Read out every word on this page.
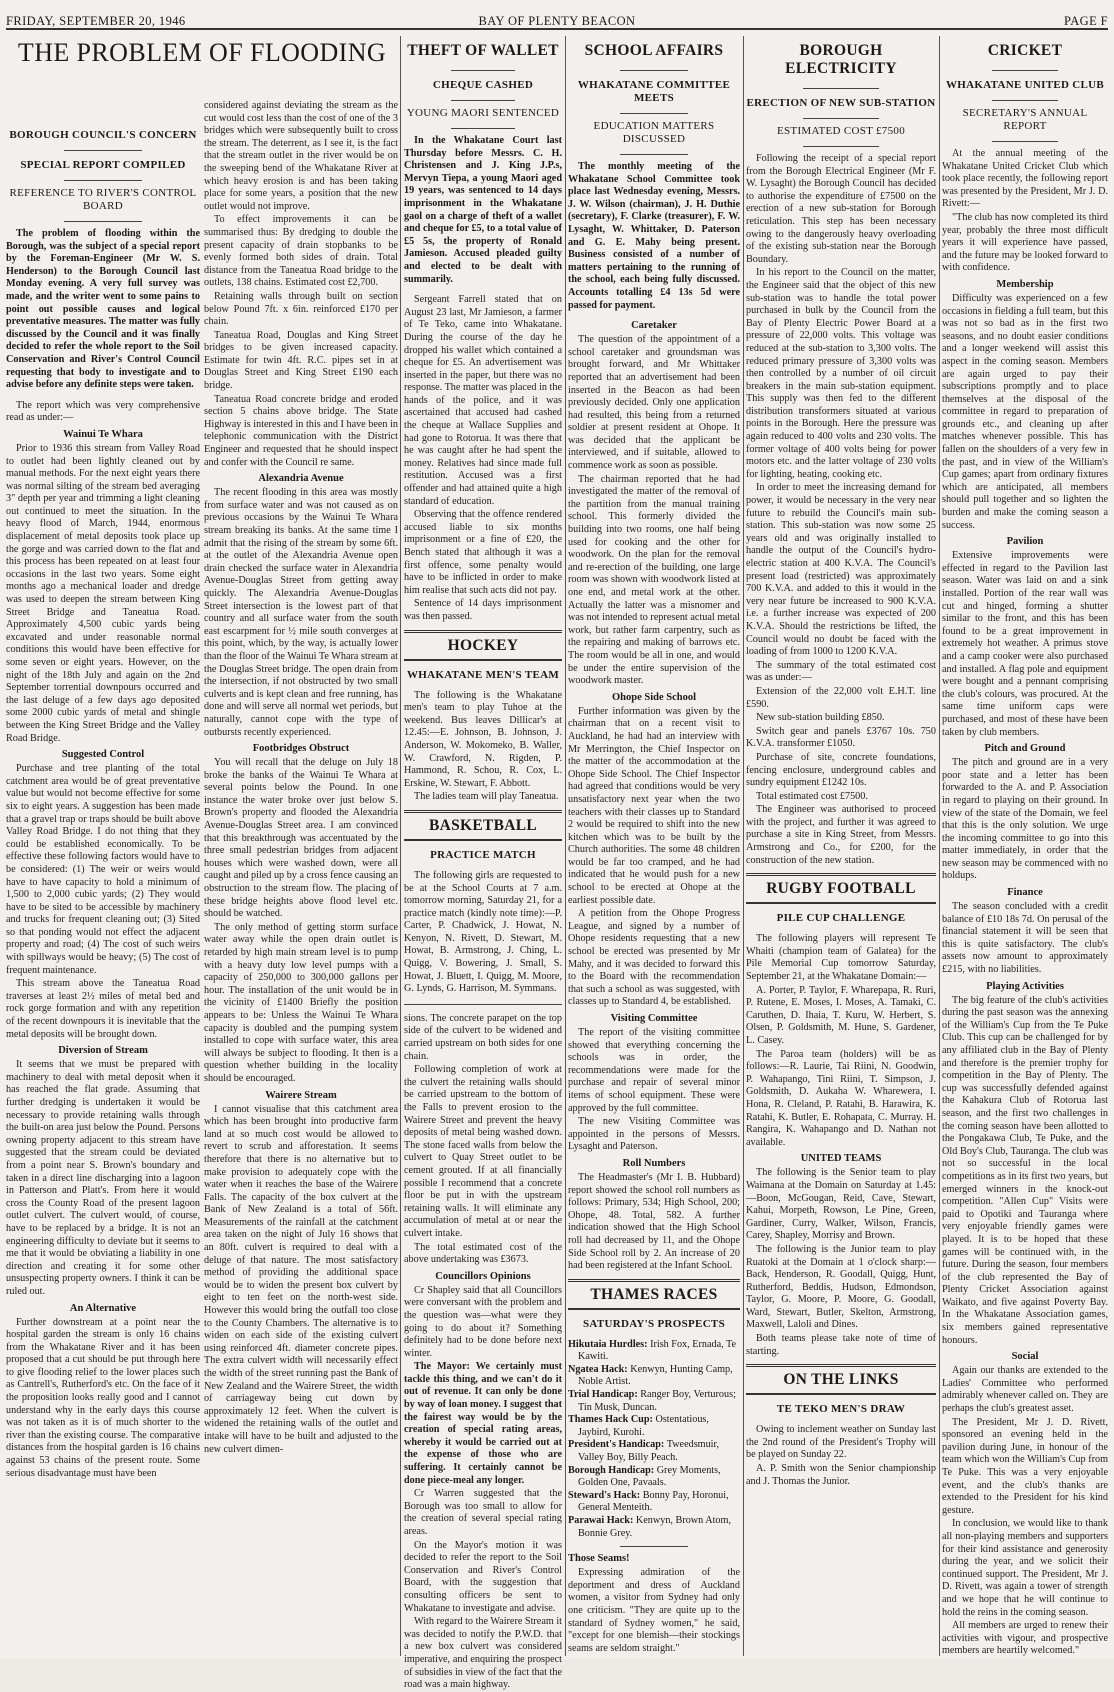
FRIDAY, SEPTEMBER 20, 1946	BAY OF PLENTY BEACON	PAGE F
THE PROBLEM OF FLOODING
BOROUGH COUNCIL'S CONCERN
SPECIAL REPORT COMPILED
REFERENCE TO RIVER'S CONTROL BOARD
The problem of flooding within the Borough, was the subject of a special report by the Foreman-Engineer (Mr W. S. Henderson) to the Borough Council last Monday evening. A very full survey was made, and the writer went to some pains to point out possible causes and logical preventative measures. The matter was fully discussed by the Council and it was finally decided to refer the whole report to the Soil Conservation and River's Control Council requesting that body to investigate and to advise before any definite steps were taken.

The report which was very comprehensive read as under:—

Wainui Te Whara

Prior to 1936 this stream from Valley Road to outlet had been lightly cleaned out by manual methods. For the next eight years there was normal silting of the stream bed averaging 3" depth per year and trimming a light cleaning out continued to meet the situation. In the heavy flood of March, 1944, enormous displacement of metal deposits took place up the gorge and was carried down to the flat and this process has been repeated on at least four occasions in the last two years. Some eight months ago a mechanical loader and dredge was used to deepen the stream between King Street Bridge and Taneatua Road. Approximately 4,500 cubic yards being excavated and under reasonable normal conditions this would have been effective for some seven or eight years. However, on the night of the 18th July and again on the 2nd September torrential downpours occurred and the last deluge of a few days ago deposited some 2000 cubic yards of metal and shingle between the King Street Bridge and the Valley Road Bridge.

Suggested Control

Purchase and tree planting of the total catchment area would be of great preventative value but would not become effective for some six to eight years. A suggestion has been made that a gravel trap or traps should be built above Valley Road Bridge. I do not thing that they could be established economically. To be effective these following factors would have to be considered: (1) The weir or weirs would have to have capacity to hold a minimum of 1,500 to 2,000 cubic yards; (2) They would have to be sited to be accessible by machinery and trucks for frequent cleaning out; (3) Sited so that ponding would not effect the adjacent property and road; (4) The cost of such weirs with spillways would be heavy; (5) The cost of frequent maintenance.

This stream above the Taneatua Road traverses at least 2½ miles of metal bed and rock gorge formation and with any repetition of the recent downpours it is inevitable that the metal deposits will be brought down.

Diversion of Stream

It seems that we must be prepared with machinery to deal with metal deposit when it has reached the flat grade. Assuming that further dredging is undertaken it would be necessary to provide retaining walls through the built-on area just below the Pound. Persons owning property adjacent to this stream have suggested that the stream could be deviated from a point near S. Brown's boundary and taken in a direct line discharging into a lagoon in Patterson and Platt's. From here it would cross the County Road of the present lagoon outlet culvert. The culvert would, of course, have to be replaced by a bridge. It is not an engineering difficulty to deviate but it seems to me that it would be obviating a liability in one direction and creating it for some other unsuspecting property owners. I think it can be ruled out.

An Alternative

Further downstream at a point near the hospital garden the stream is only 16 chains from the Whakatane River and it has been proposed that a cut should be put through here to give flooding relief to the lower places such as Cantrell's, Rutherford's etc. On the face of it the proposition looks really good and I cannot understand why in the early days this course was not taken as it is of much shorter to the river than the existing course. The comparative distances from the hospital garden is 16 chains against 53 chains of the present route. Some serious disadvantage must have been

considered against deviating the stream as the cut would cost less than the cost of one of the 3 bridges which were subsequently built to cross the stream. The deterrent, as I see it, is the fact that the stream outlet in the river would be on the sweeping bend of the Whakatane River at which heavy erosion is and has been taking place for some years, a position that the new outlet would not improve.

To effect improvements it can be summarised thus: By dredging to double the present capacity of drain stopbanks to be evenly formed both sides of drain. Total distance from the Taneatua Road bridge to the outlets, 138 chains. Estimated cost £2,700.

Retaining walls through built on section below Pound 7ft. x 6in. reinforced £170 per chain.

Taneatua Road, Douglas and King Street bridges to be given increased capacity. Estimate for twin 4ft. R.C. pipes set in at Douglas Street and King Street £190 each bridge.

Taneatua Road concrete bridge and eroded section 5 chains above bridge. The State Highway is interested in this and I have been in telephonic communication with the District Engineer and requested that he should inspect and confer with the Council re same.

Alexandria Avenue

The recent flooding in this area was mostly from surface water and was not caused as on previous occasions by the Wainui Te Whara stream breaking its banks. At the same time I admit that the rising of the stream by some 6ft. at the outlet of the Alexandria Avenue open drain checked the surface water in Alexandria Avenue-Douglas Street from getting away quickly. The Alexandria Avenue-Douglas Street intersection is the lowest part of that country and all surface water from the south east escarpment for ½ mile south converges at this point, which, by the way, is actually lower than the floor of the Wainui Te Whara stream at the Douglas Street bridge. The open drain from the intersection, if not obstructed by two small culverts and is kept clean and free running, has done and will serve all normal wet periods, but naturally, cannot cope with the type of outbursts recently experienced.

Footbridges Obstruct

You will recall that the deluge on July 18 broke the banks of the Wainui Te Whara at several points below the Pound. In one instance the water broke over just below S. Brown's property and flooded the Alexandria Avenue-Douglas Street area. I am convinced that this breakthrough was accentuated by the three small pedestrian bridges from adjacent houses which were washed down, were all caught and piled up by a cross fence causing an obstruction to the stream flow. The placing of these bridge heights above flood level etc. should be watched.

The only method of getting storm surface water away while the open drain outlet is retarded by high main stream level is to pump with a heavy duty low level pumps with a capacity of 250,000 to 300,000 gallons per hour. The installation of the unit would be in the vicinity of £1400 Briefly the position appears to be: Unless the Wainui Te Whara capacity is doubled and the pumping system installed to cope with surface water, this area will always be subject to flooding. It then is a question whether building in the locality should be encouraged.

Wairere Stream

I cannot visualise that this catchment area which has been brought into productive farm land at so much cost would be allowed to revert to scrub and afforestation. It seems therefore that there is no alternative but to make provision to adequately cope with the water when it reaches the base of the Wairere Falls. The capacity of the box culvert at the Bank of New Zealand is a total of 56ft. Measurements of the rainfall at the catchment area taken on the night of July 16 shows that an 80ft. culvert is required to deal with a deluge of that nature. The most satisfactory method of providing the additional space would be to widen the present box culvert by eight to ten feet on the north-west side. However this would bring the outfall too close to the County Chambers. The alternative is to widen on each side of the existing culvert using reinforced 4ft. diameter concrete pipes. The extra culvert width will necessarily effect the width of the street running past the Bank of New Zealand and the Wairere Street, the width of carriageway being cut down by approximately 12 feet. When the culvert is widened the retaining walls of the outlet and intake will have to be built and adjusted to the new culvert dimen-

THEFT OF WALLET
CHEQUE CASHED
YOUNG MAORI SENTENCED
In the Whakatane Court last Thursday before Messrs. C. H. Christensen and J. King J.P.s, Mervyn Tiepa, a young Maori aged 19 years, was sentenced to 14 days imprisonment in the Whakatane gaol on a charge of theft of a wallet and cheque for £5, to a total value of £5 5s, the property of Ronald Jamieson. Accused pleaded guilty and elected to be dealt with summarily.

Sergeant Farrell stated that on August 23 last, Mr Jamieson, a farmer of Te Teko, came into Whakatane. During the course of the day he dropped his wallet which contained a cheque for £5. An advertisement was inserted in the paper, but there was no response. The matter was placed in the hands of the police, and it was ascertained that accused had cashed the cheque at Wallace Supplies and had gone to Rotorua. It was there that he was caught after he had spent the money. Relatives had since made full restitution. Accused was a first offender and had attained quite a high standard of education.

Observing that the offence rendered accused liable to six months imprisonment or a fine of £20, the Bench stated that although it was a first offence, some penalty would have to be inflicted in order to make him realise that such acts did not pay.

Sentence of 14 days imprisonment was then passed.

HOCKEY
WHAKATANE MEN'S TEAM

The following is the Whakatane men's team to play Tuhoe at the weekend. Bus leaves Dillicar's at 12.45:—E. Johnson, B. Johnson, J. Anderson, W. Mokomeko, B. Waller, W. Crawford, N. Rigden, P. Hammond, R. Schou, R. Cox, L. Erskine, W. Stewart, F. Abbott.

The ladies team will play Taneatua.

BASKETBALL
PRACTICE MATCH

The following girls are requested to be at the School Courts at 7 a.m. tomorrow morning, Saturday 21, for a practice match (kindly note time):—P. Carter, P. Chadwick, J. Howat, N. Kenyon, N. Rivett, D. Stewart, M. Howat, B. Armstrong, J. Ching, L. Quigg, V. Bowering, J. Small, S. Howat, J. Bluett, I. Quigg, M. Moore, G. Lynds, G. Harrison, M. Symmans.

sions. The concrete parapet on the top side of the culvert to be widened and carried upstream on both sides for one chain.

Following completion of work at the culvert the retaining walls should be carried upstream to the bottom of the Falls to prevent erosion to the Wairere Street and prevent the heavy deposits of metal being washed down. The stone faced walls from below the culvert to Quay Street outlet to be cement grouted. If at all financially possible I recommend that a concrete floor be put in with the upstream retaining walls. It will eliminate any accumulation of metal at or near the culvert intake.

The total estimated cost of the above undertaking was £3673.

Councillors Opinions

Cr Shapley said that all Councillors were conversant with the problem and the question was—what were they going to do about it? Something definitely had to be done before next winter.

The Mayor: We certainly must tackle this thing, and we can't do it out of revenue. It can only be done by way of loan money. I suggest that the fairest way would be by the creation of special rating areas, whereby it would be carried out at the expense of those who are suffering. It certainly cannot be done piece-meal any longer.

Cr Warren suggested that the Borough was too small to allow for the creation of several special rating areas.

On the Mayor's motion it was decided to refer the report to the Soil Conservation and River's Control Board, with the suggestion that consulting officers be sent to Whakatane to investigate and advise.

With regard to the Wairere Stream it was decided to notify the P.W.D. that a new box culvert was considered imperative, and enquiring the prospect of subsidies in view of the fact that the road was a main highway.

SCHOOL AFFAIRS
WHAKATANE COMMITTEE MEETS
EDUCATION MATTERS DISCUSSED
The monthly meeting of the Whakatane School Committee took place last Wednesday evening, Messrs. J. W. Wilson (chairman), J. H. Duthie (secretary), F. Clarke (treasurer), F. W. Lysaght, W. Whittaker, D. Paterson and G. E. Mahy being present. Business consisted of a number of matters pertaining to the running of the school, each being fully discussed. Accounts totalling £4 13s 5d were passed for payment.
Caretaker

The question of the appointment of a school caretaker and groundsman was brought forward, and Mr Whittaker reported that an advertisement had been inserted in the Beacon as had been previously decided. Only one application had resulted, this being from a returned soldier at present resident at Ohope. It was decided that the applicant be interviewed, and if suitable, allowed to commence work as soon as possible.

The chairman reported that he had investigated the matter of the removal of the partition from the manual training school. This formerly divided the building into two rooms, one half being used for cooking and the other for woodwork. On the plan for the removal and re-erection of the building, one large room was shown with woodwork listed at one end, and metal work at the other. Actually the latter was a misnomer and was not intended to represent actual metal work, but rather farm carpentry, such as the repairing and making of barrows etc. The room would be all in one, and would be under the entire supervision of the woodwork master.

Ohope Side School

Further information was given by the chairman that on a recent visit to Auckland, he had had an interview with Mr Merrington, the Chief Inspector on the matter of the accommodation at the Ohope Side School. The Chief Inspector had agreed that conditions would be very unsatisfactory next year when the two teachers with their classes up to Standard 2 would be required to shift into the new kitchen which was to be built by the Church authorities. The some 48 children would be far too cramped, and he had indicated that he would push for a new school to be erected at Ohope at the earliest possible date.

A petition from the Ohope Progress League, and signed by a number of Ohope residents requesting that a new school be erected was presented by Mr Mahy, and it was decided to forward this to the Board with the recommendation that such a school as was suggested, with classes up to Standard 4, be established.

Visiting Committee

The report of the visiting committee showed that everything concerning the schools was in order, the recommendations were made for the purchase and repair of several minor items of school equipment. These were approved by the full committee.

The new Visiting Committee was appointed in the persons of Messrs. Lysaght and Paterson.

Roll Numbers

The Headmaster's (Mr I. B. Hubbard) report showed the school roll numbers as follows: Primary, 534; High School, 200; Ohope, 48. Total, 582. A further indication showed that the High School roll had decreased by 11, and the Ohope Side School roll by 2. An increase of 20 had been registered at the Infant School.

THAMES RACES
SATURDAY'S PROSPECTS
Hikutaia Hurdles: Irish Fox, Ernada, Te Kawiti.
Ngatea Hack: Kenwyn, Hunting Camp, Noble Artist.
Trial Handicap: Ranger Boy, Verturous; Tin Musk, Duncan.
Thames Hack Cup: Ostentatious, Jaybird, Kurohi.
President's Handicap: Tweedsmuir, Valley Boy, Billy Peach.
Borough Handicap: Grey Moments, Golden One, Pavaals.
Steward's Hack: Bonny Pay, Horonui, General Menteith.
Parawai Hack: Kenwyn, Brown Atom, Bonnie Grey.
Those Seams!

Expressing admiration of the deportment and dress of Auckland women, a visitor from Sydney had only one criticism. "They are quite up to the standard of Sydney women," he said, "except for one blemish—their stockings seams are seldom straight."

BOROUGH ELECTRICITY
ERECTION OF NEW SUB-STATION
ESTIMATED COST £7500

Following the receipt of a special report from the Borough Electrical Engineer (Mr F. W. Lysaght) the Borough Council has decided to authorise the expenditure of £7500 on the erection of a new sub-station for Borough reticulation. This step has been necessary owing to the dangerously heavy overloading of the existing sub-station near the Borough Boundary.

In his report to the Council on the matter, the Engineer said that the object of this new sub-station was to handle the total power purchased in bulk by the Council from the Bay of Plenty Electric Power Board at a pressure of 22,000 volts. This voltage was reduced at the sub-station to 3,300 volts. The reduced primary pressure of 3,300 volts was then controlled by a number of oil circuit breakers in the main sub-station equipment. This supply was then fed to the different distribution transformers situated at various points in the Borough. Here the pressure was again reduced to 400 volts and 230 volts. The former voltage of 400 volts being for power motors etc. and the latter voltage of 230 volts for lighting, heating, cooking etc.

In order to meet the increasing demand for power, it would be necessary in the very near future to rebuild the Council's main sub-station. This sub-station was now some 25 years old and was originally installed to handle the output of the Council's hydro-electric station at 400 K.V.A. The Council's present load (restricted) was approximately 700 K.V.A. and added to this it would in the very near future be increased to 900 K.V.A. i.e. a further increase was expected of 200 K.V.A. Should the restrictions be lifted, the Council would no doubt be faced with the loading of from 1000 to 1200 K.V.A.

The summary of the total estimated cost was as under:—

Extension of the 22,000 volt E.H.T. line £590.

New sub-station building £850.

Switch gear and panels £3767 10s. 750 K.V.A. transformer £1050.

Purchase of site, concrete foundations, fencing enclosure, underground cables and sundry equipment £1242 10s.

Total estimated cost £7500.

The Engineer was authorised to proceed with the project, and further it was agreed to purchase a site in King Street, from Messrs. Armstrong and Co., for £200, for the construction of the new station.

RUGBY FOOTBALL
PILE CUP CHALLENGE

The following players will represent Te Whaiti (champion team of Galatea) for the Pile Memorial Cup tomorrow Saturday, September 21, at the Whakatane Domain:—

A. Porter, P. Taylor, F. Wharepapa, R. Ruri, P. Rutene, E. Moses, I. Moses, A. Tamaki, C. Caruthen, D. Ihaia, T. Kuru, W. Herbert, S. Olsen, P. Goldsmith, M. Hune, S. Gardener, L. Casey.

The Paroa team (holders) will be as follows:—R. Laurie, Tai Riini, N. Goodwin, P. Wahapango, Tini Riini, T. Simpson, J. Goldsmith, D. Aukaha W. Wharewera, I. Hona, R. Cleland, P. Ratahi, B. Harawira, K. Ratahi, K. Butler, E. Rohapata, C. Murray. H. Rangira, K. Wahapango and D. Nathan not available.

UNITED TEAMS

The following is the Senior team to play Waimana at the Domain on Saturday at 1.45:—Boon, McGougan, Reid, Cave, Stewart, Kahui, Morpeth, Rowson, Le Pine, Green, Gardiner, Curry, Walker, Wilson, Francis, Carey, Shapley, Morrisy and Brown.

The following is the Junior team to play Ruatoki at the Domain at 1 o'clock sharp:—Back, Henderson, R. Goodall, Quigg, Hunt, Rutherford, Beddis, Hudson, Edmondson, Taylor, G. Moore, P. Moore, G. Goodall, Ward, Stewart, Butler, Skelton, Armstrong, Maxwell, Laloli and Dines.

Both teams please take note of time of starting.

ON THE LINKS
TE TEKO MEN'S DRAW

Owing to inclement weather on Sunday last the 2nd round of the President's Trophy will be played on Sunday 22.

A. P. Smith won the Senior championship and J. Thomas the Junior.

CRICKET
WHAKATANE UNITED CLUB
SECRETARY'S ANNUAL REPORT

At the annual meeting of the Whakatane United Cricket Club which took place recently, the following report was presented by the President, Mr J. D. Rivett:—

"The club has now completed its third year, probably the three most difficult years it will experience have passed, and the future may be looked forward to with confidence.

Membership

Difficulty was experienced on a few occasions in fielding a full team, but this was not so bad as in the first two seasons, and no doubt easier conditions and a longer weekend will assist this aspect in the coming season. Members are again urged to pay their subscriptions promptly and to place themselves at the disposal of the committee in regard to preparation of grounds etc., and cleaning up after matches whenever possible. This has fallen on the shoulders of a very few in the past, and in view of the William's Cup games; apart from ordinary fixtures which are anticipated, all members should pull together and so lighten the burden and make the coming season a success.

Pavilion

Extensive improvements were effected in regard to the Pavilion last season. Water was laid on and a sink installed. Portion of the rear wall was cut and hinged, forming a shutter similar to the front, and this has been found to be a great improvement in extremely hot weather. A primus stove and a camp cooker were also purchased and installed. A flag pole and equipment were bought and a pennant comprising the club's colours, was procured. At the same time uniform caps were purchased, and most of these have been taken by club members.

Pitch and Ground

The pitch and ground are in a very poor state and a letter has been forwarded to the A. and P. Association in regard to playing on their ground. In view of the state of the Domain, we feel that this is the only solution. We urge the incoming committee to go into this matter immediately, in order that the new season may be commenced with no holdups.

Finance

The season concluded with a credit balance of £10 18s 7d. On perusal of the financial statement it will be seen that this is quite satisfactory. The club's assets now amount to approximately £215, with no liabilities.

Playing Activities

The big feature of the club's activities during the past season was the annexing of the William's Cup from the Te Puke Club. This cup can be challenged for by any affiliated club in the Bay of Plenty and therefore is the premier trophy for competition in the Bay of Plenty. The cup was successfully defended against the Kahakura Club of Rotorua last season, and the first two challenges in the coming season have been allotted to the Pongakawa Club, Te Puke, and the Old Boy's Club, Tauranga. The club was not so successful in the local competitions as in its first two years, but emerged winners in the knock-out competition. "Allen Cup" Visits were paid to Opotiki and Tauranga where very enjoyable friendly games were played. It is to be hoped that these games will be continued with, in the future. During the season, four members of the club represented the Bay of Plenty Cricket Association against Waikato, and five against Poverty Bay. In the Whakatane Association games, six members gained representative honours.

Social

Again our thanks are extended to the Ladies' Committee who performed admirably whenever called on. They are perhaps the club's greatest asset.

The President, Mr J. D. Rivett, sponsored an evening held in the pavilion during June, in honour of the team which won the William's Cup from Te Puke. This was a very enjoyable event, and the club's thanks are extended to the President for his kind gesture.

In conclusion, we would like to thank all non-playing members and supporters for their kind assistance and generosity during the year, and we solicit their continued support. The President, Mr J. D. Rivett, was again a tower of strength and we hope that he will continue to hold the reins in the coming season.

All members are urged to renew their activities with vigour, and prospective members are heartily welcomed."
